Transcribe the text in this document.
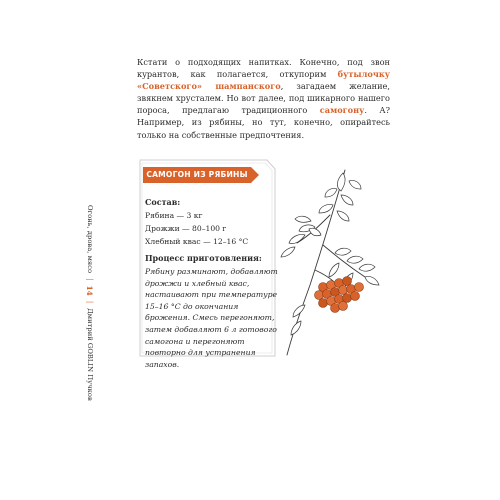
Кстати о подходящих напитках. Конечно, под звон курантов, как полагается, откупорим бутылочку «Советского» шампанского, загадаем желание, звякнем хрусталем. Но вот далее, под шикарного нашего пороса, предлагаю традиционного самогону. А? Например, из рябины, но тут, конечно, опирайтесь только на собственные предпочтения.

САМОГОН ИЗ РЯБИНЫ

Состав:

Рябина — 3 кг

Дрожжи — 80–100 г

Хлебный квас — 12–16 °C

Процесс приготовления:

Рябину разминают, добавляют дрожжи и хлебный квас, настаивают при температуре 15–16 °C до окончания брожения. Смесь перегоняют, затем добавляют 6 л готового самогона и перегоняют повторно для устранения запахов.

Огонь, дрова, мясо
|
14
|
Дмитрий GOBLIN Пучков
